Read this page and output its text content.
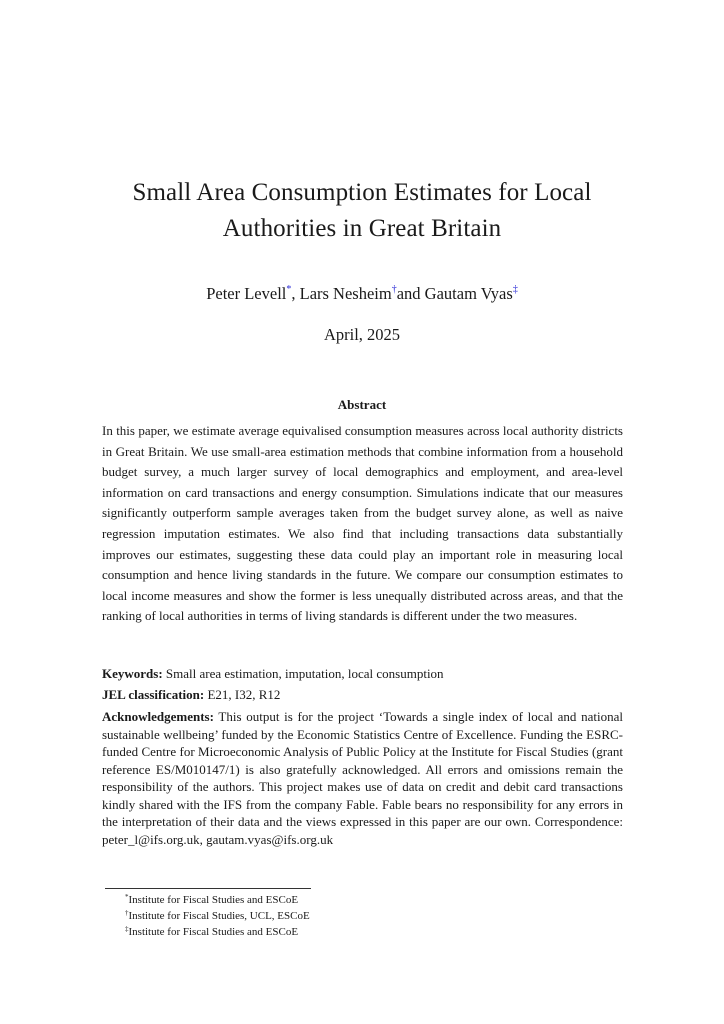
Small Area Consumption Estimates for Local
Authorities in Great Britain
Peter Levell*, Lars Nesheim†and Gautam Vyas‡
April, 2025
Abstract

In this paper, we estimate average equivalised consumption measures across local authority districts in Great Britain. We use small-area estimation methods that combine information from a household budget survey, a much larger survey of local demographics and employment, and area-level information on card transactions and energy consumption. Simulations indicate that our measures significantly outperform sample averages taken from the budget survey alone, as well as naive regression imputation estimates. We also find that including transactions data substantially improves our estimates, suggesting these data could play an important role in measuring local consumption and hence living standards in the future. We compare our consumption estimates to local income measures and show the former is less unequally distributed across areas, and that the ranking of local authorities in terms of living standards is different under the two measures.

Keywords: Small area estimation, imputation, local consumption

JEL classification: E21, I32, R12

Acknowledgements: This output is for the project ‘Towards a single index of local and national sustainable wellbeing’ funded by the Economic Statistics Centre of Excellence. Funding the ESRC-funded Centre for Microeconomic Analysis of Public Policy at the Institute for Fiscal Studies (grant reference ES/M010147/1) is also gratefully acknowledged. All errors and omissions remain the responsibility of the authors. This project makes use of data on credit and debit card transactions kindly shared with the IFS from the company Fable. Fable bears no responsibility for any errors in the interpretation of their data and the views expressed in this paper are our own. Correspondence: peter_l@ifs.org.uk, gautam.vyas@ifs.org.uk

*Institute for Fiscal Studies and ESCoE
†Institute for Fiscal Studies, UCL, ESCoE
‡Institute for Fiscal Studies and ESCoE
